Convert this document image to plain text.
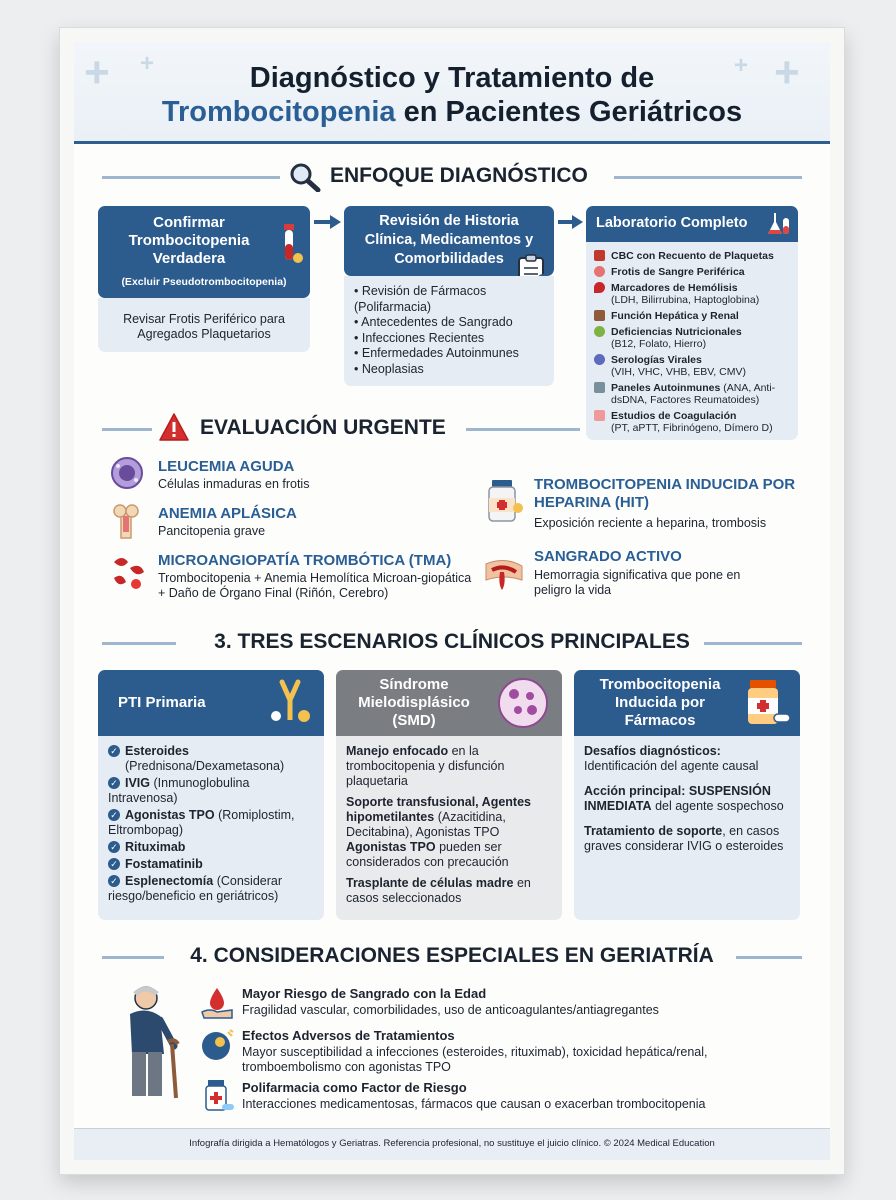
+ +	+
+
Diagnóstico y Tratamiento de
Trombocitopenia en Pacientes Geriátricos
ENFOQUE DIAGNÓSTICO
Confirmar Trombocitopenia Verdadera
(Excluir Pseudotrombocitopenia)
Revisar Frotis Periférico para Agregados Plaquetarios
Revisión de Historia Clínica, Medicamentos y Comorbilidades
• Revisión de Fármacos (Polifarmacia)
• Antecedentes de Sangrado
• Infecciones Recientes
• Enfermedades Autoinmunes
• Neoplasias
Laboratorio Completo
CBC con Recuento de Plaquetas
Frotis de Sangre Periférica
Marcadores de Hemólisis
(LDH, Bilirrubina, Haptoglobina)
Función Hepática y Renal
Deficiencias Nutricionales
(B12, Folato, Hierro)
Serologías Virales
(VIH, VHC, VHB, EBV, CMV)
Paneles Autoinmunes (ANA, Anti-dsDNA, Factores Reumatoides)
Estudios de Coagulación
(PT, aPTT, Fibrinógeno, Dímero D)
EVALUACIÓN URGENTE
LEUCEMIA AGUDA
Células inmaduras en frotis
ANEMIA APLÁSICA
Pancitopenia grave
MICROANGIOPATÍA TROMBÓTICA (TMA)
Trombocitopenia + Anemia Hemolítica Microan-giopática + Daño de Órgano Final (Riñón, Cerebro)
TROMBOCITOPENIA INDUCIDA POR HEPARINA (HIT)
Exposición reciente a heparina, trombosis
SANGRADO ACTIVO
Hemorragia significativa que pone en peligro la vida
3. TRES ESCENARIOS CLÍNICOS PRINCIPALES
PTI Primaria
✓ Esteroides
(Prednisona/Dexametasona)
✓ IVIG (Inmunoglobulina Intravenosa)
✓ Agonistas TPO (Romiplostim, Eltrombopag)
✓ Rituximab
✓ Fostamatinib
✓ Esplenectomía (Considerar riesgo/beneficio en geriátricos)
Síndrome Mielodisplásico (SMD)

Manejo enfocado en la trombocitopenia y disfunción plaquetaria

Soporte transfusional, Agentes hipometilantes (Azacitidina, Decitabina), Agonistas TPO Agonistas TPO pueden ser considerados con precaución

Trasplante de células madre en casos seleccionados

Trombocitopenia Inducida por Fármacos

Desafíos diagnósticos:
Identificación del agente causal

Acción principal: SUSPENSIÓN INMEDIATA del agente sospechoso

Tratamiento de soporte, en casos graves considerar IVIG o esteroides

4. CONSIDERACIONES ESPECIALES EN GERIATRÍA
Mayor Riesgo de Sangrado con la Edad
Fragilidad vascular, comorbilidades, uso de anticoagulantes/antiagregantes
Efectos Adversos de Tratamientos
Mayor susceptibilidad a infecciones (esteroides, rituximab), toxicidad hepática/renal, tromboembolismo con agonistas TPO
Polifarmacia como Factor de Riesgo
Interacciones medicamentosas, fármacos que causan o exacerban trombocitopenia
Infografía dirigida a Hematólogos y Geriatras. Referencia profesional, no sustituye el juicio clínico. © 2024 Medical Education
